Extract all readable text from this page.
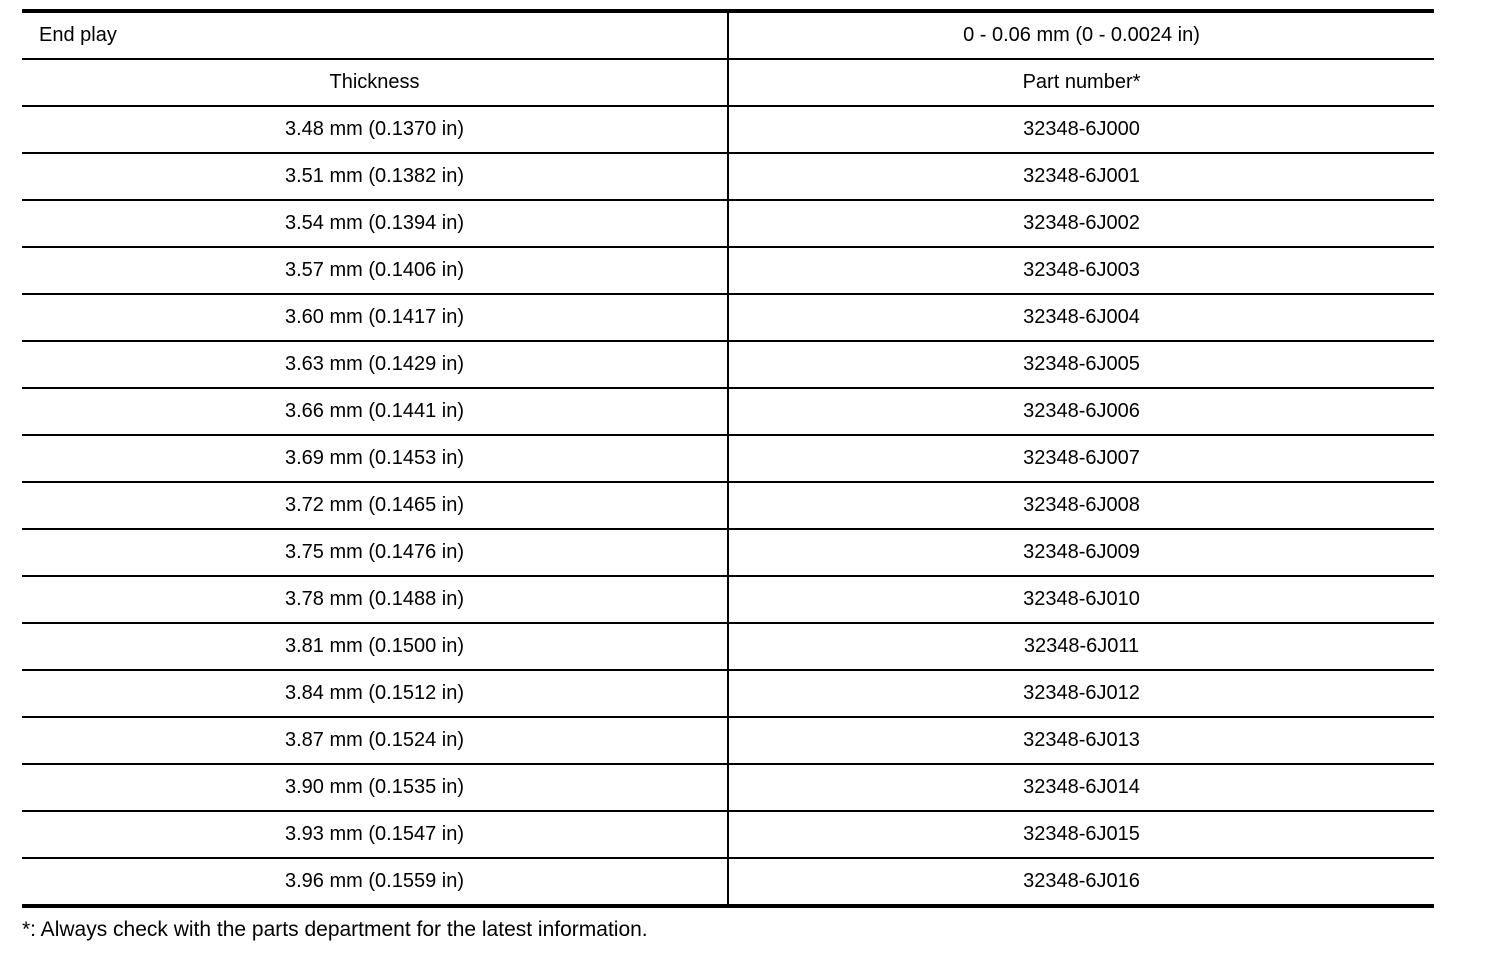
End play	0 - 0.06 mm (0 - 0.0024 in)
Thickness	Part number*
3.48 mm (0.1370 in)	32348-6J000
3.51 mm (0.1382 in)	32348-6J001
3.54 mm (0.1394 in)	32348-6J002
3.57 mm (0.1406 in)	32348-6J003
3.60 mm (0.1417 in)	32348-6J004
3.63 mm (0.1429 in)	32348-6J005
3.66 mm (0.1441 in)	32348-6J006
3.69 mm (0.1453 in)	32348-6J007
3.72 mm (0.1465 in)	32348-6J008
3.75 mm (0.1476 in)	32348-6J009
3.78 mm (0.1488 in)	32348-6J010
3.81 mm (0.1500 in)	32348-6J011
3.84 mm (0.1512 in)	32348-6J012
3.87 mm (0.1524 in)	32348-6J013
3.90 mm (0.1535 in)	32348-6J014
3.93 mm (0.1547 in)	32348-6J015
3.96 mm (0.1559 in)	32348-6J016
*: Always check with the parts department for the latest information.
